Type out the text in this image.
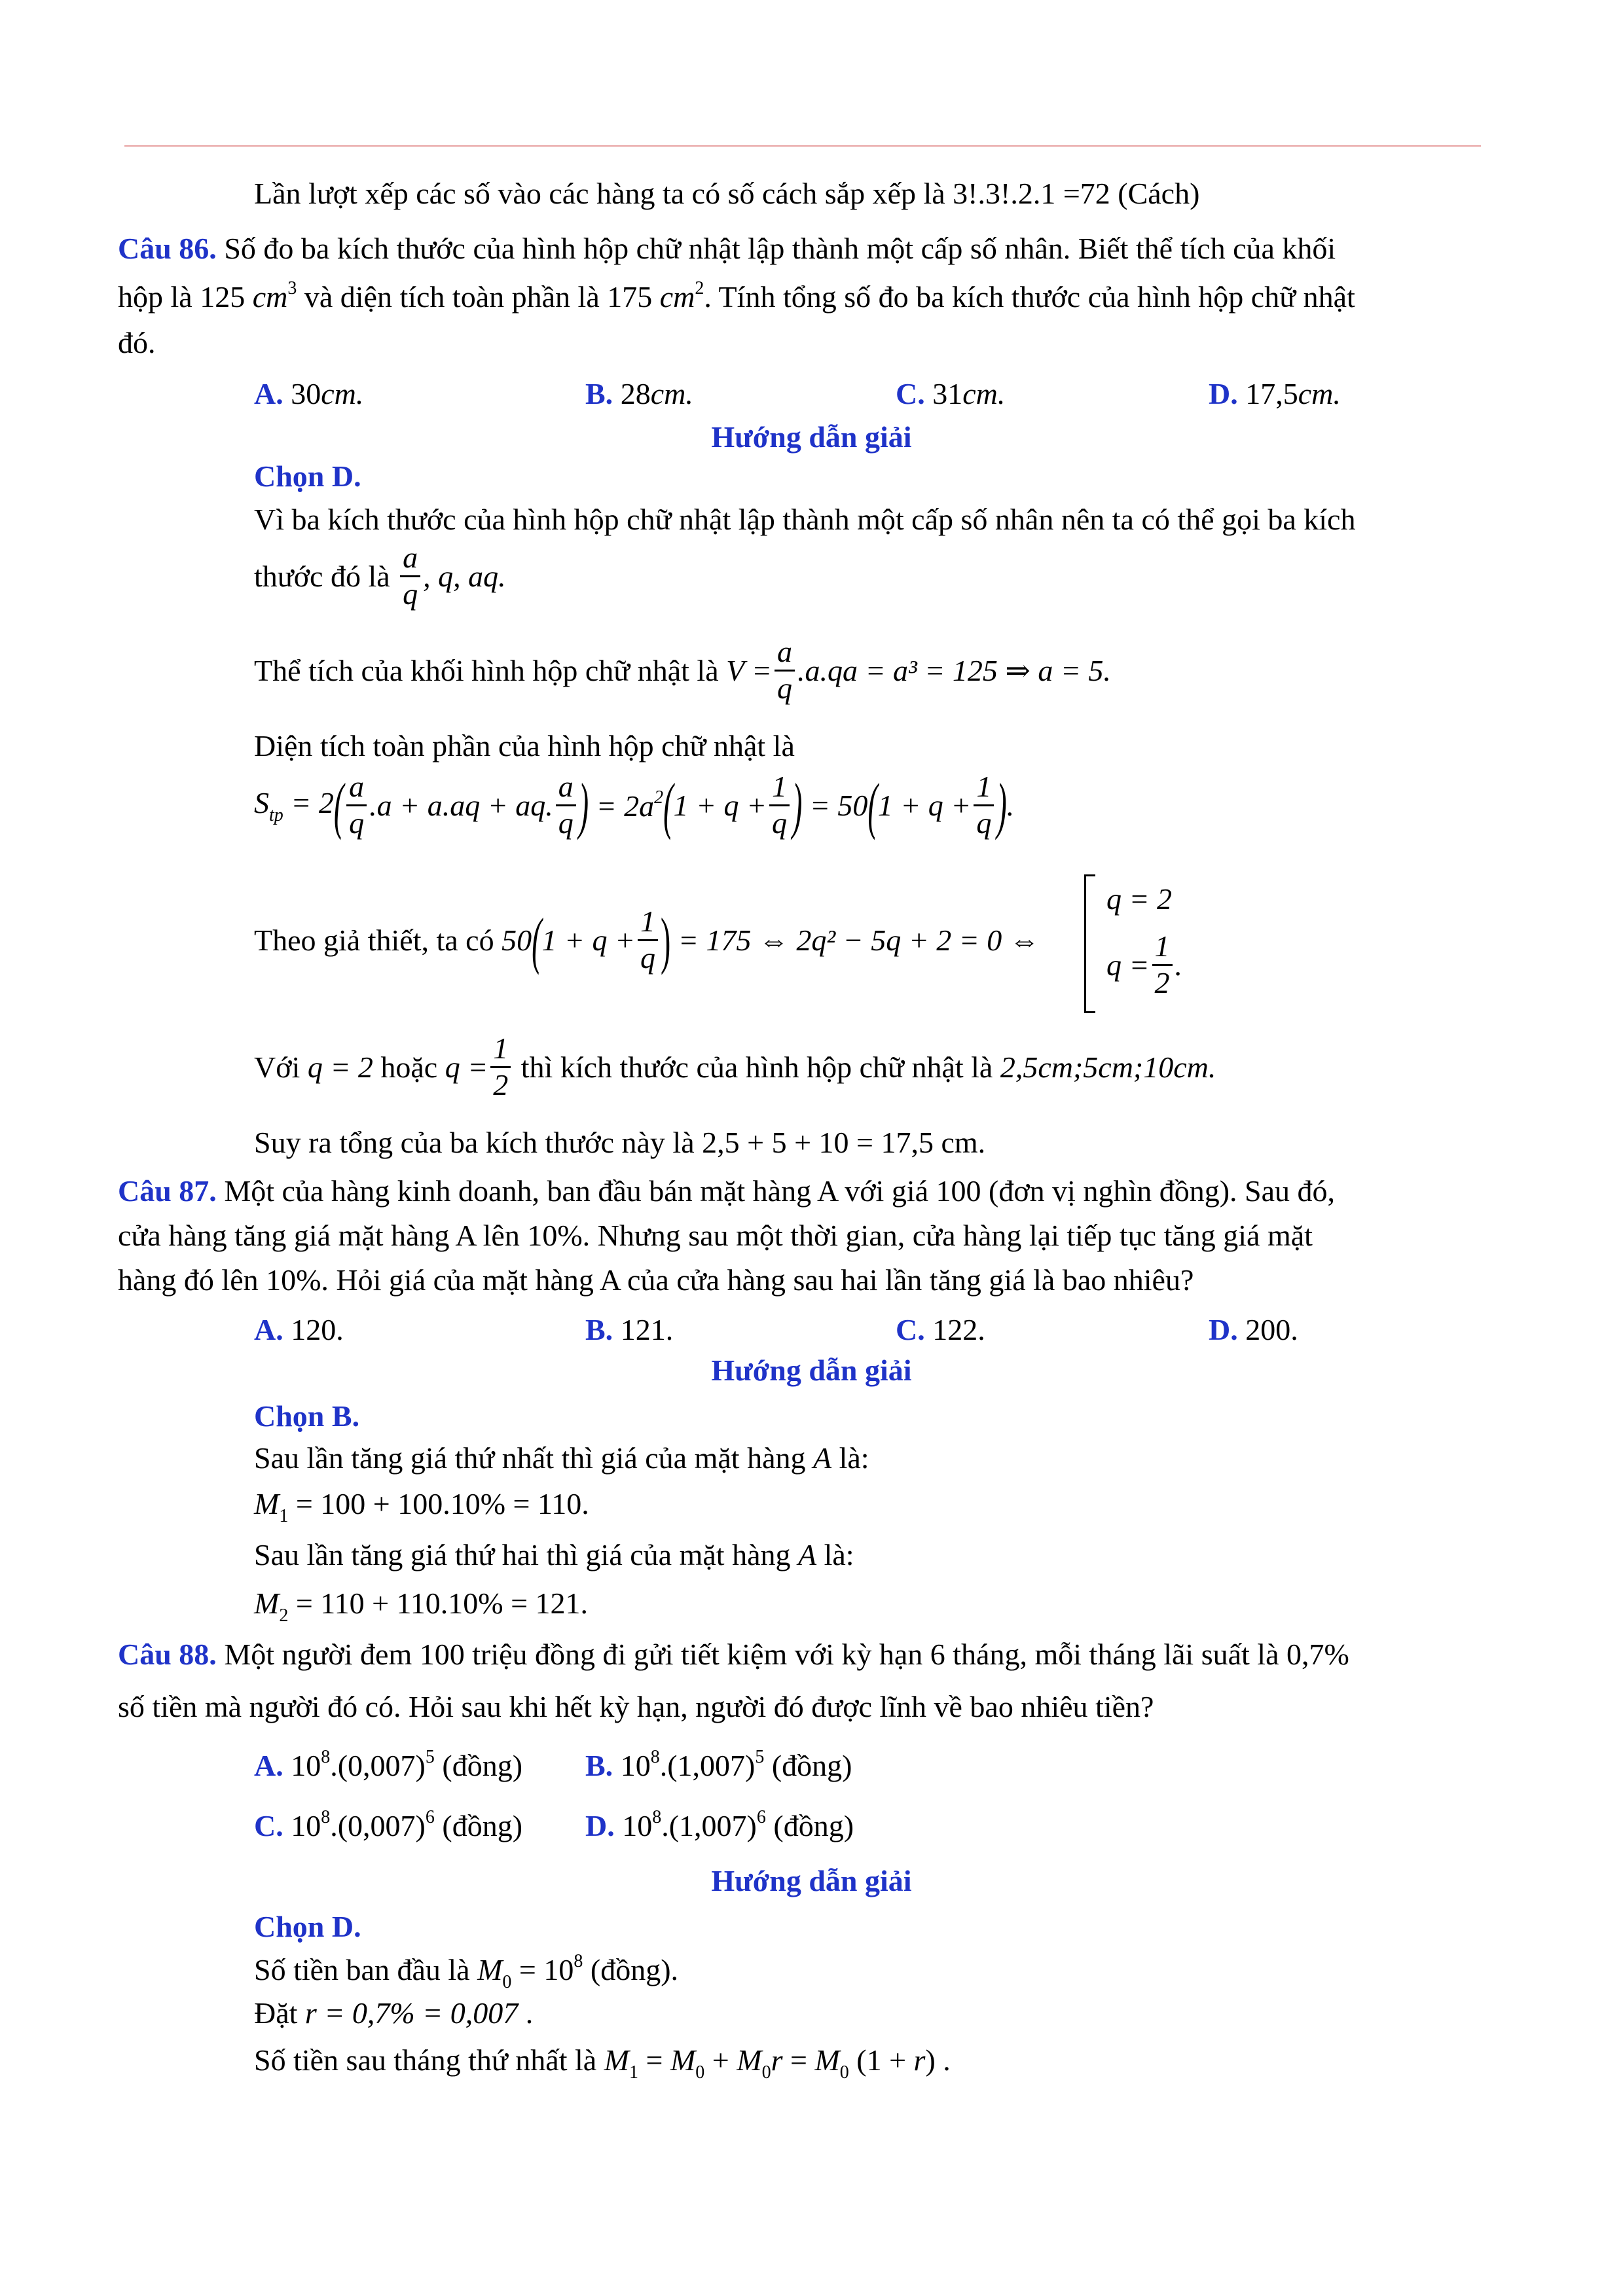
Lần lượt xếp các số vào các hàng ta có số cách sắp xếp là 3!.3!.2.1 =72 (Cách)
Câu 86. Số đo ba kích thước của hình hộp chữ nhật lập thành một cấp số nhân. Biết thể tích của khối
hộp là 125 $cm^3$ và diện tích toàn phần là 175 $cm^2$. Tính tổng số đo ba kích thước của hình hộp chữ nhật
đó.
A. 30cm.	B. 28cm.	C. 31cm.	D. 17,5cm.
Hướng dẫn giải
Chọn D.
Vì ba kích thước của hình hộp chữ nhật lập thành một cấp số nhân nên ta có thể gọi ba kích
thước đó là $\frac{a}{q}$ , q, aq.
Thể tích của khối hình hộp chữ nhật là $V = \frac{a}{q} .a.qa = a^3 = 125$ ⇒ a = 5.
Diện tích toàn phần của hình hộp chữ nhật là
$S_{tp} = 2( \frac{a}{q} .a + a.aq$ + aq. $\frac{a}{q}$ ) = $2a^2(1 + q + \frac{1}{q}$ ) = $50(1 + q + \frac{1}{q}$ ).
Theo giả thiết, ta có $50(1 + q + \frac{1}{q}$ ) = 175 ⇔ 2q² − 5q + 2 = 0 ⇔
q = 2
$q = \frac{1}{2}$ .
Với q = 2 hoặc $q = \frac{1}{2}$ thì kích thước của hình hộp chữ nhật là 2,5cm;5cm;10cm.
Suy ra tổng của ba kích thước này là 2,5 + 5 + 10 = 17,5 cm.
Câu 87. Một của hàng kinh doanh, ban đầu bán mặt hàng A với giá 100 (đơn vị nghìn đồng). Sau đó,
cửa hàng tăng giá mặt hàng A lên 10%. Nhưng sau một thời gian, cửa hàng lại tiếp tục tăng giá mặt
hàng đó lên 10%. Hỏi giá của mặt hàng A của cửa hàng sau hai lần tăng giá là bao nhiêu?
A. 120.	B. 121.	C. 122.	D. 200.
Hướng dẫn giải
Chọn B.
Sau lần tăng giá thứ nhất thì giá của mặt hàng A là:
$M_1 = 100 + 100.10\% = 110$.
Sau lần tăng giá thứ hai thì giá của mặt hàng A là:
$M_2 = 110 + 110.10\% = 121$.
Câu 88. Một người đem 100 triệu đồng đi gửi tiết kiệm với kỳ hạn 6 tháng, mỗi tháng lãi suất là 0,7%
số tiền mà người đó có. Hỏi sau khi hết kỳ hạn, người đó được lĩnh về bao nhiêu tiền?
A. $10^8.(0,007)^5$ (đồng) B. $10^8.(1,007)^5$ (đồng)
C. $10^8.(0,007)^6$ (đồng) D. $10^8.(1,007)^6$ (đồng)
Hướng dẫn giải
Chọn D.
Số tiền ban đầu là $M_0 = 10^8$ (đồng).
Đặt r = 0,7% = 0,007 .
Số tiền sau tháng thứ nhất là $M_1 = M_0 + M_0r = M_0$ (1 + r) .
